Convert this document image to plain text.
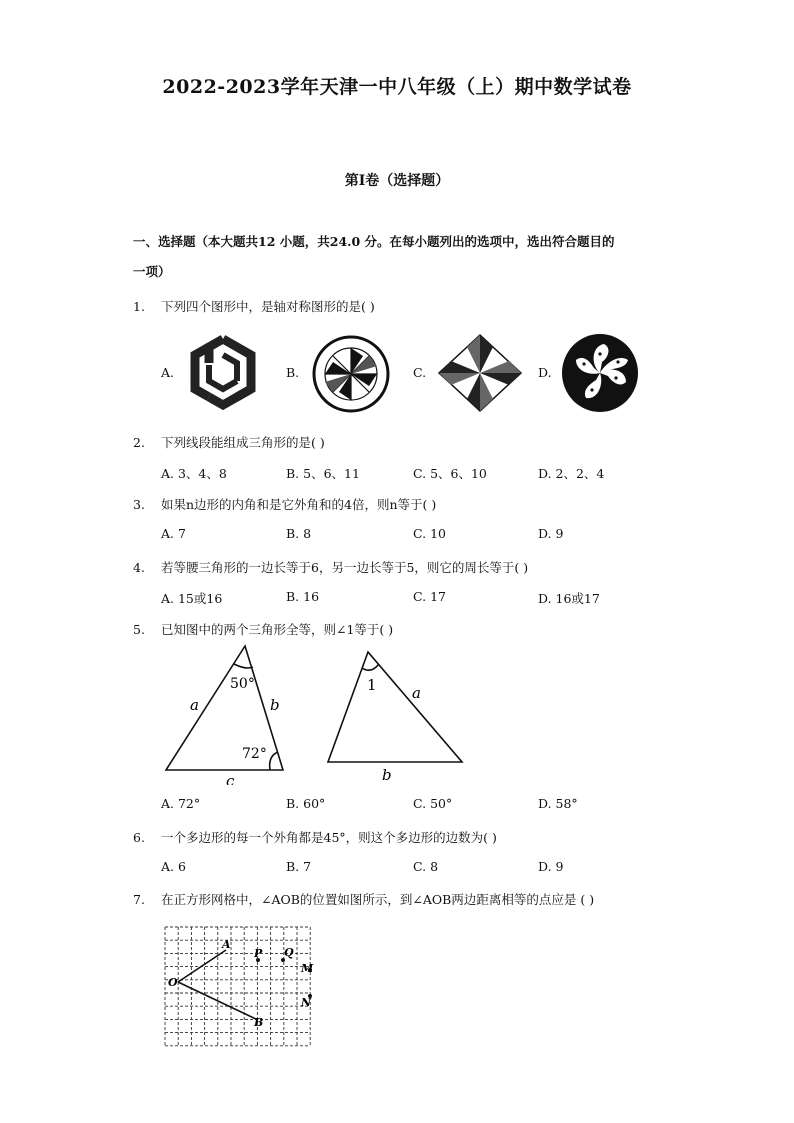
2022-2023学年天津一中八年级（上）期中数学试卷
第I卷（选择题）
一、选择题（本大题共12 小题，共24.0 分。在每小题列出的选项中，选出符合题目的
一项）
1. 下列四个图形中，是轴对称图形的是( )
A.	B.	C.	D.
2. 下列线段能组成三角形的是( )
A. 3、4、8	B. 5、6、11	C. 5、6、10	D. 2、2、4
3. 如果n边形的内角和是它外角和的4倍，则n等于( )
A. 7	B. 8	C. 10	D. 9
4. 若等腰三角形的一边长等于6，另一边长等于5，则它的周长等于( )
A. 15或16	B. 16	C. 17	D. 16或17
5. 已知图中的两个三角形全等，则∠1等于( )
50°
72°
a	b
c
1 a
b
A. 72°	B. 60°	C. 50°	D. 58°
6. 一个多边形的每一个外角都是45°，则这个多边形的边数为( )
A. 6	B. 7	C. 8	D. 9
7. 在正方形网格中，∠AOB的位置如图所示，到∠AOB两边距离相等的点应是 ( )
A
P Q
M
O
N
B
